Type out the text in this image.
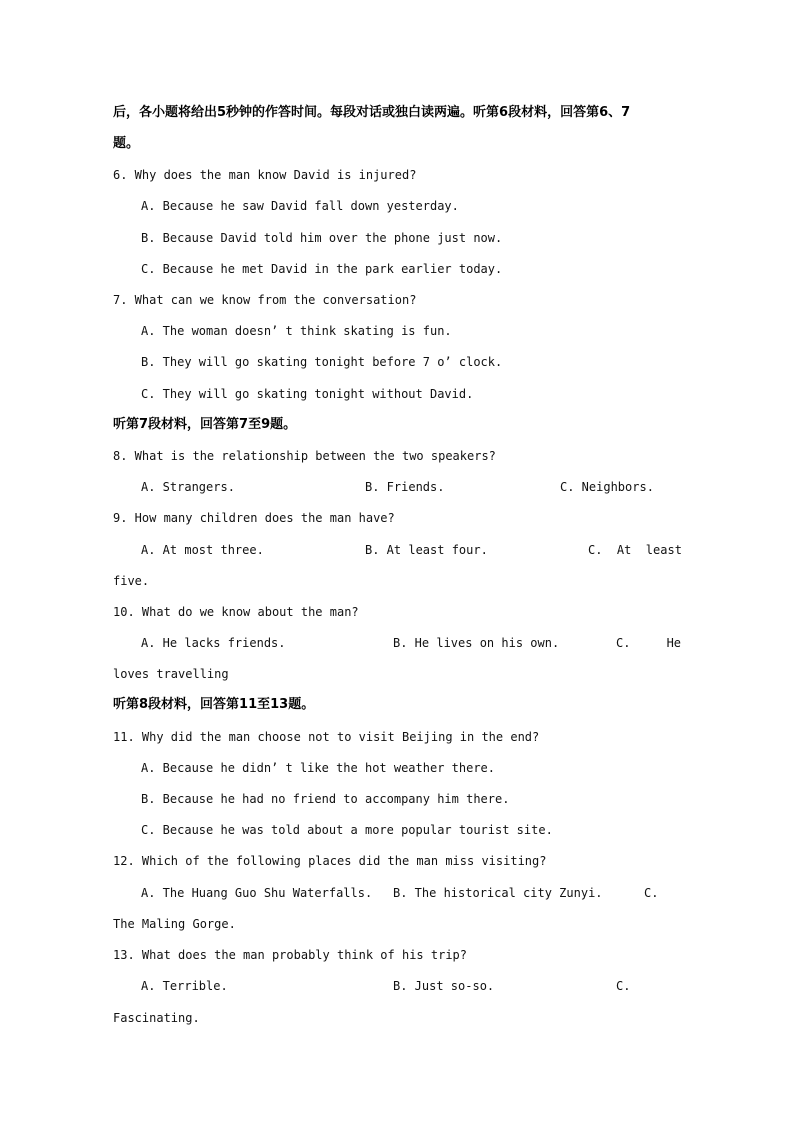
后，各小题将给出5秒钟的作答时间。每段对话或独白读两遍。听第6段材料，回答第6、7
题。
6. Why does the man know David is injured?
A. Because he saw David fall down yesterday.
B. Because David told him over the phone just now.
C. Because he met David in the park earlier today.
7. What can we know from the conversation?
A. The woman doesn’ t think skating is fun.
B. They will go skating tonight before 7 o’ clock.
C. They will go skating tonight without David.
听第7段材料，回答第7至9题。
8. What is the relationship between the two speakers?
A. Strangers.	B. Friends.	C. Neighbors.
9. How many children does the man have?
A. At most three.	B. At least four.	C.  At  least
five.
10. What do we know about the man?
A. He lacks friends.	B. He lives on his own.	C.     He
loves travelling
听第8段材料，回答第11至13题。
11. Why did the man choose not to visit Beijing in the end?
A. Because he didn’ t like the hot weather there.
B. Because he had no friend to accompany him there.
C. Because he was told about a more popular tourist site.
12. Which of the following places did the man miss visiting?
A. The Huang Guo Shu Waterfalls. B. The historical city Zunyi.	C.
The Maling Gorge.
13. What does the man probably think of his trip?
A. Terrible.	B. Just so-so.	C.
Fascinating.
